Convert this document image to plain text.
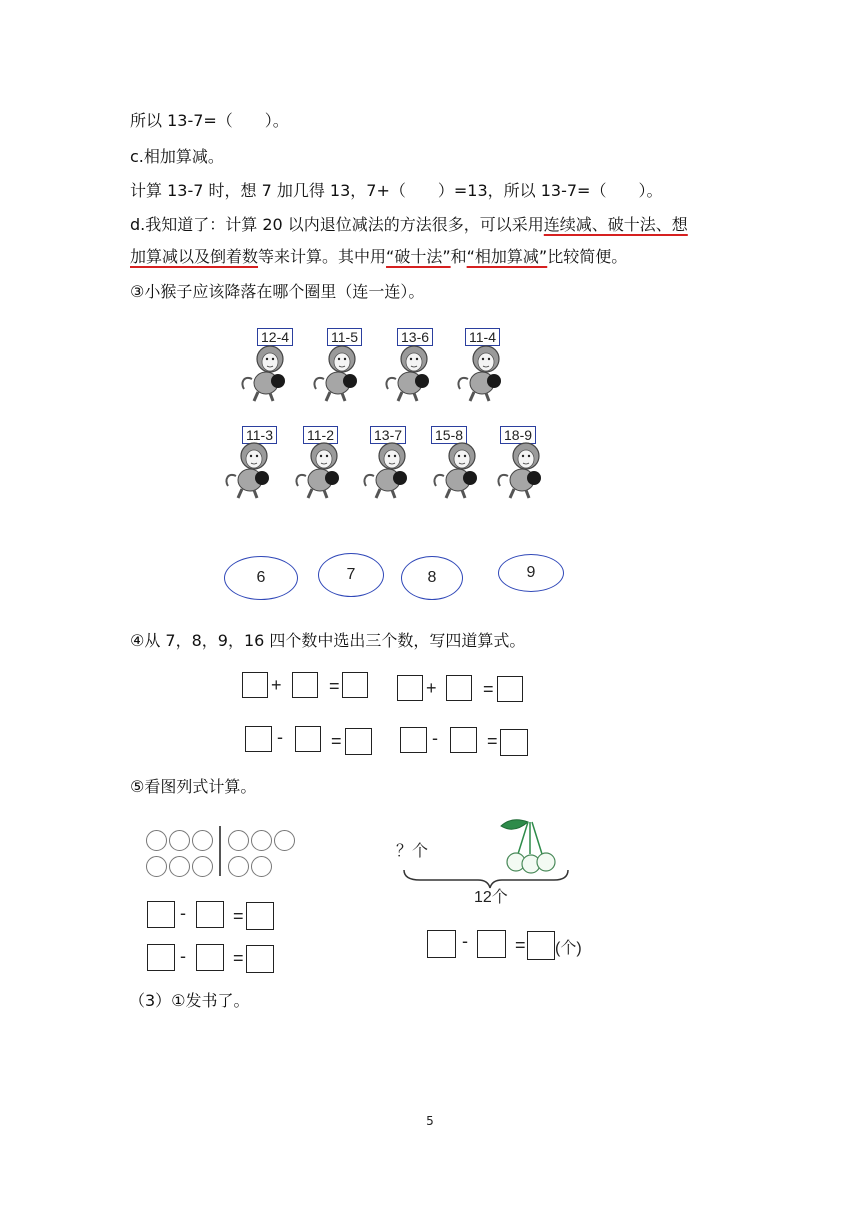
所以 13-7=（　　）。
c.相加算减。
计算 13-7 时，想 7 加几得 13，7+（　　）=13，所以 13-7=（　　）。
d.我知道了：计算 20 以内退位减法的方法很多，可以采用连续减、破十法、想
加算减以及倒着数等来计算。其中用“破十法”和“相加算减”比较简便。
③小猴子应该降落在哪个圈里（连一连）。
12-4	11-5	13-6	11-4
11-3 11-2	13-7 15-8	18-9
6	7	8	9
④从 7，8，9，16 四个数中选出三个数，写四道算式。
+	=	+	=
-	=	-	=
⑤看图列式计算。
-	=
-	=
？个
12个
-	= (个)
（3）①发书了。
5
